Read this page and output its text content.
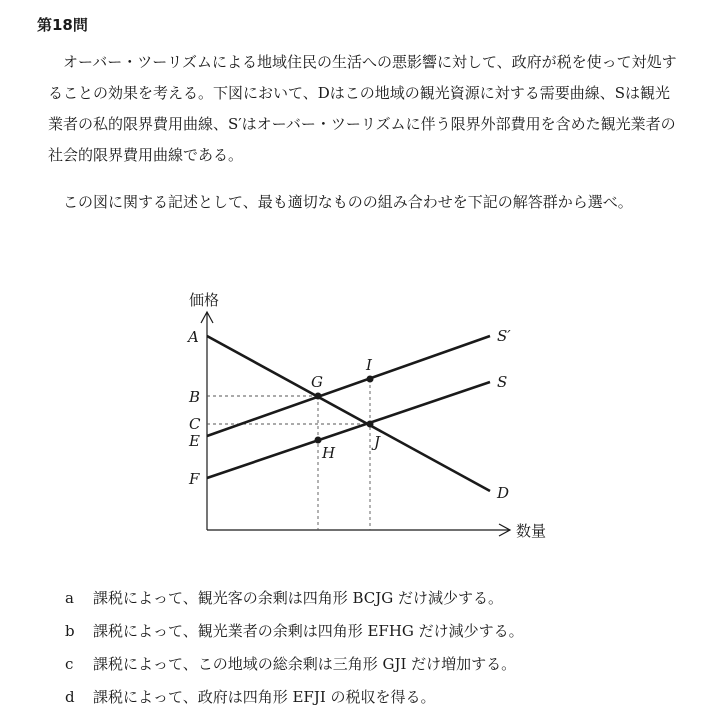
第18問

オーバー・ツーリズムによる地域住民の生活への悪影響に対して、政府が税を使って対処することの効果を考える。下図において、Dはこの地域の観光資源に対する需要曲線、Sは観光業者の私的限界費用曲線、S′はオーバー・ツーリズムに伴う限界外部費用を含めた観光業者の社会的限界費用曲線である。

この図に関する記述として、最も適切なものの組み合わせを下記の解答群から選べ。

価格
数量
A
B
C
E
F
G
I
H
J
S′
S
D
a 課税によって、観光客の余剰は四角形 BCJG だけ減少する。
b 課税によって、観光業者の余剰は四角形 EFHG だけ減少する。
c 課税によって、この地域の総余剰は三角形 GJI だけ増加する。
d 課税によって、政府は四角形 EFJI の税収を得る。
